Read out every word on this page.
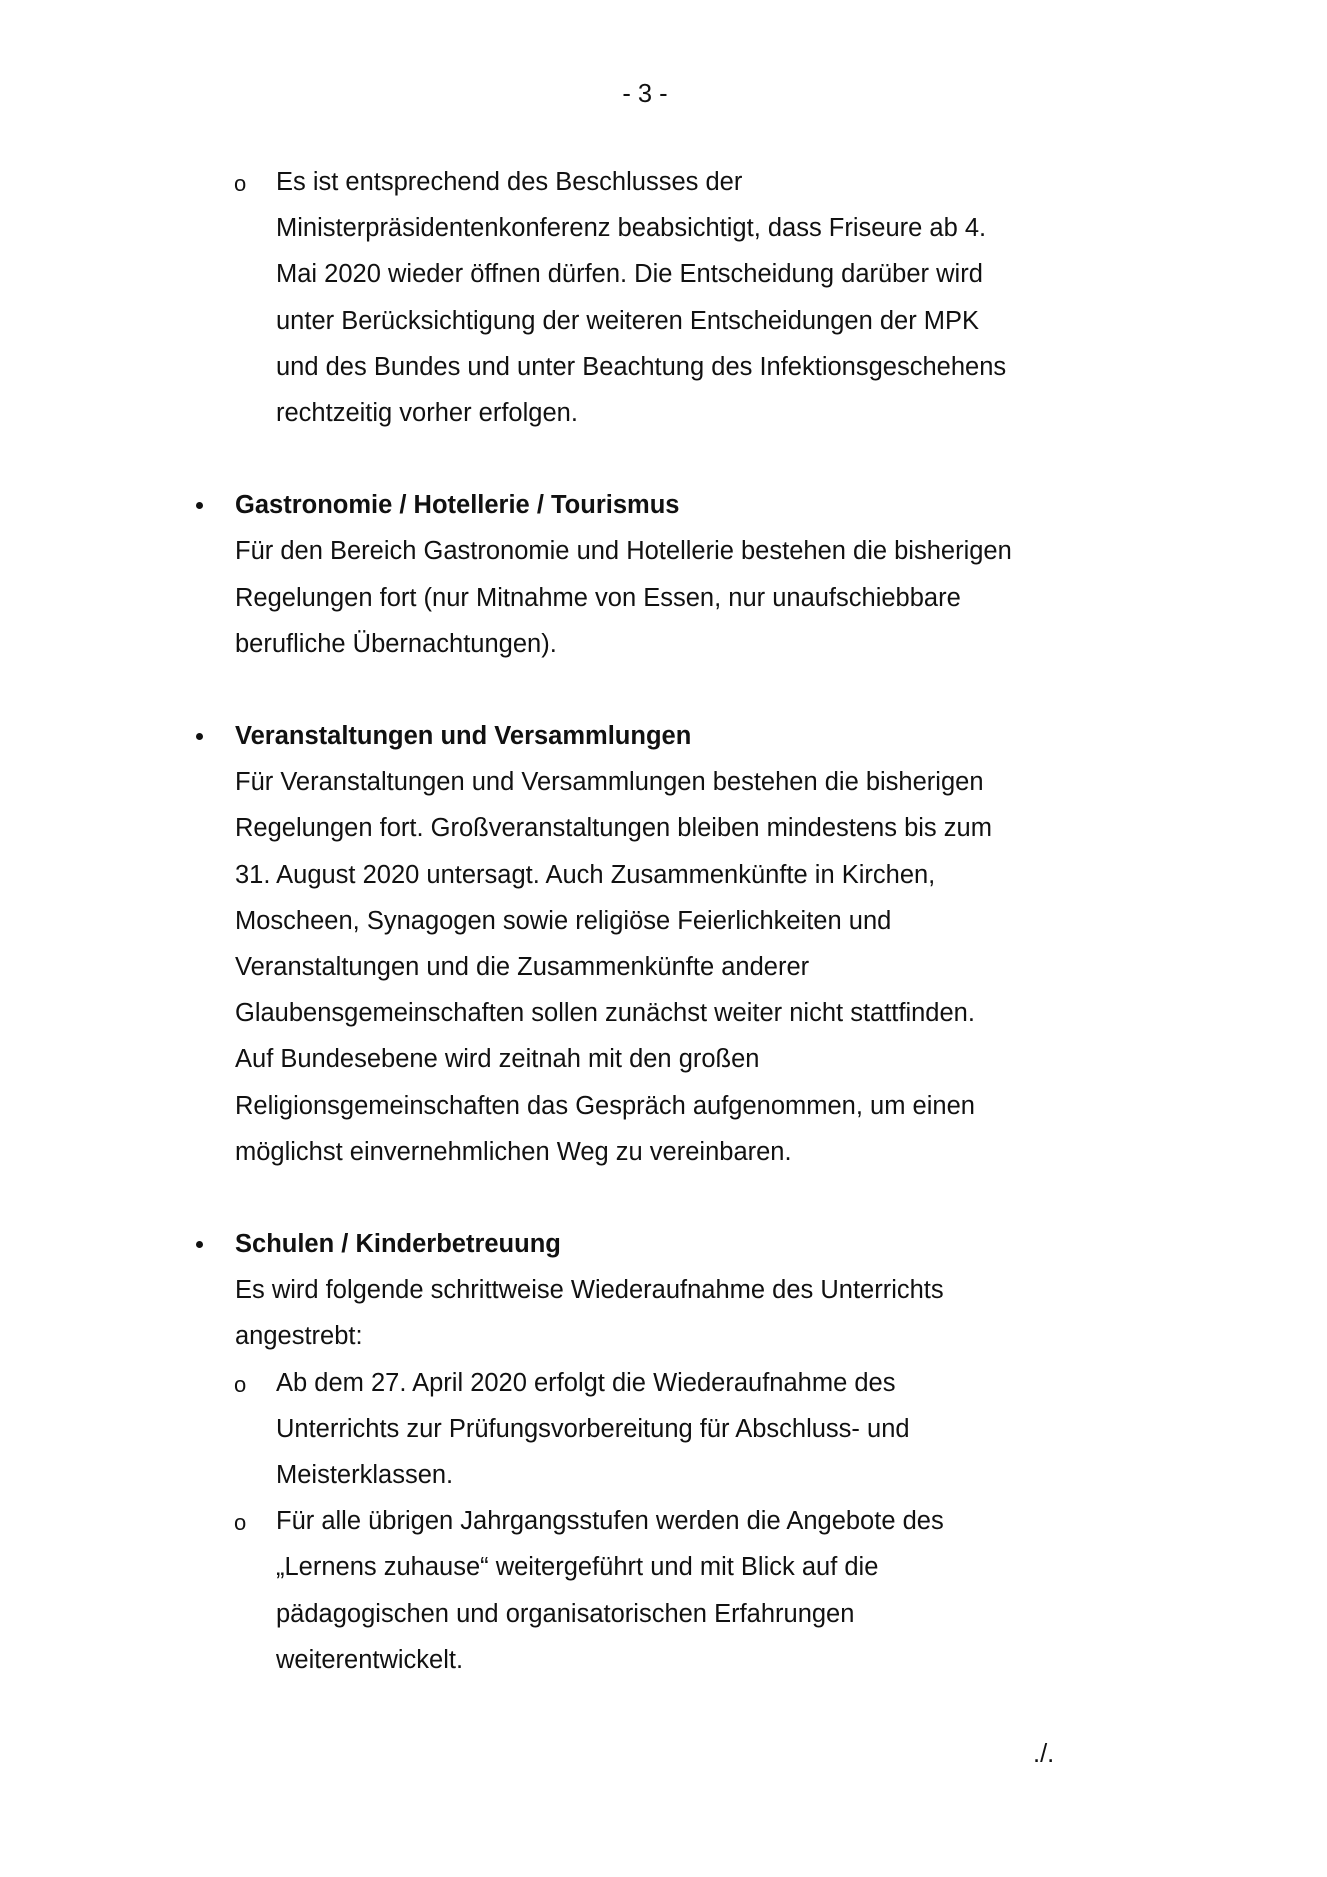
- 3 -
o	Es ist entsprechend des Beschlusses der
Ministerpräsidentenkonferenz beabsichtigt, dass Friseure ab 4.
Mai 2020 wieder öffnen dürfen. Die Entscheidung darüber wird
unter Berücksichtigung der weiteren Entscheidungen der MPK
und des Bundes und unter Beachtung des Infektionsgeschehens
rechtzeitig vorher erfolgen.
Gastronomie / Hotellerie / Tourismus
Für den Bereich Gastronomie und Hotellerie bestehen die bisherigen
Regelungen fort (nur Mitnahme von Essen, nur unaufschiebbare
berufliche Übernachtungen).
Veranstaltungen und Versammlungen
Für Veranstaltungen und Versammlungen bestehen die bisherigen
Regelungen fort. Großveranstaltungen bleiben mindestens bis zum
31. August 2020 untersagt. Auch Zusammenkünfte in Kirchen,
Moscheen, Synagogen sowie religiöse Feierlichkeiten und
Veranstaltungen und die Zusammenkünfte anderer
Glaubensgemeinschaften sollen zunächst weiter nicht stattfinden.
Auf Bundesebene wird zeitnah mit den großen
Religionsgemeinschaften das Gespräch aufgenommen, um einen
möglichst einvernehmlichen Weg zu vereinbaren.
Schulen / Kinderbetreuung
Es wird folgende schrittweise Wiederaufnahme des Unterrichts
angestrebt:
o	Ab dem 27. April 2020 erfolgt die Wiederaufnahme des
Unterrichts zur Prüfungsvorbereitung für Abschluss- und
Meisterklassen.
o	Für alle übrigen Jahrgangsstufen werden die Angebote des
„Lernens zuhause“ weitergeführt und mit Blick auf die
pädagogischen und organisatorischen Erfahrungen
weiterentwickelt.
./.
